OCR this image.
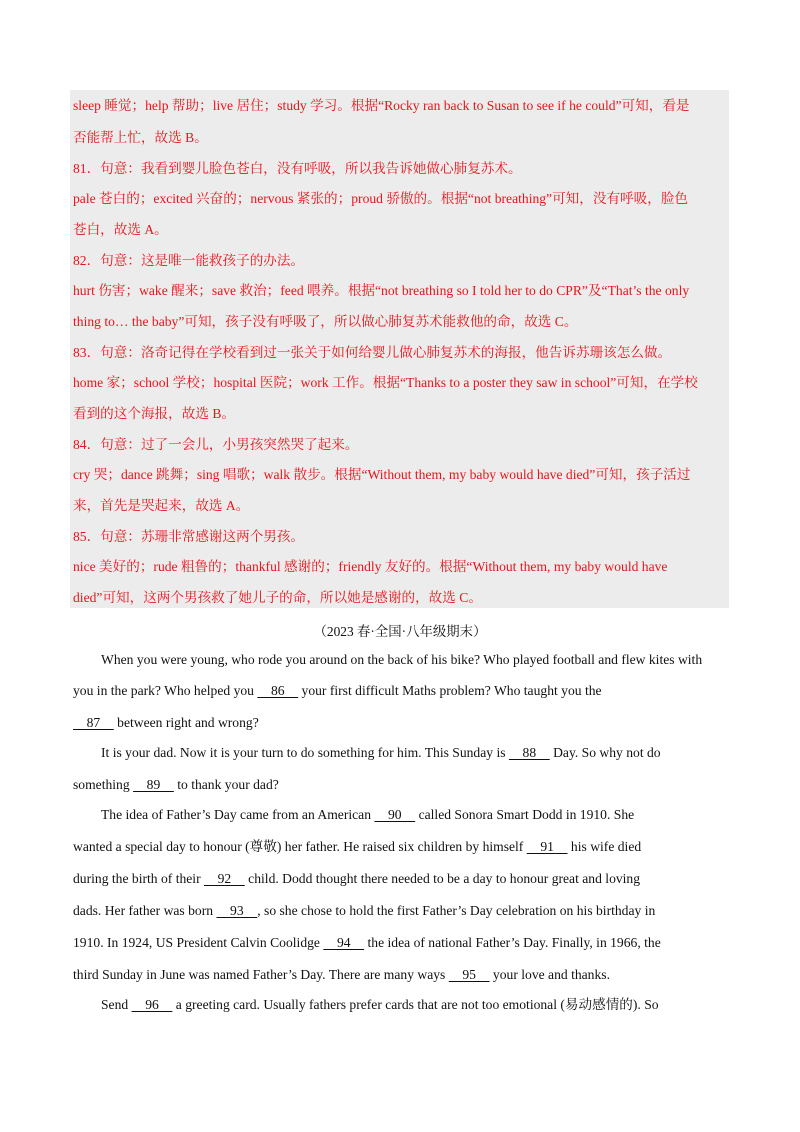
sleep 睡觉；help 帮助；live 居住；study 学习。根据“Rocky ran back to Susan to see if he could”可知，看是
否能帮上忙，故选 B。
81．句意：我看到婴儿脸色苍白，没有呼吸，所以我告诉她做心肺复苏术。
pale 苍白的；excited 兴奋的；nervous 紧张的；proud 骄傲的。根据“not breathing”可知，没有呼吸，脸色
苍白，故选 A。
82．句意：这是唯一能救孩子的办法。
hurt 伤害；wake 醒来；save 救治；feed 喂养。根据“not breathing so I told her to do CPR”及“That’s the only
thing to… the baby”可知，孩子没有呼吸了，所以做心肺复苏术能救他的命，故选 C。
83．句意：洛奇记得在学校看到过一张关于如何给婴儿做心肺复苏术的海报，他告诉苏珊该怎么做。
home 家；school 学校；hospital 医院；work 工作。根据“Thanks to a poster they saw in school”可知，在学校
看到的这个海报，故选 B。
84．句意：过了一会儿，小男孩突然哭了起来。
cry 哭；dance 跳舞；sing 唱歌；walk 散步。根据“Without them, my baby would have died”可知，孩子活过
来，首先是哭起来，故选 A。
85．句意：苏珊非常感谢这两个男孩。
nice 美好的；rude 粗鲁的；thankful 感谢的；friendly 友好的。根据“Without them, my baby would have
died”可知，这两个男孩救了她儿子的命，所以她是感谢的，故选 C。
（2023 春·全国·八年级期末）
When you were young, who rode you around on the back of his bike? Who played football and flew kites with
you in the park? Who helped you     86     your first difficult Maths problem? Who taught you the
87     between right and wrong?
It is your dad. Now it is your turn to do something for him. This Sunday is     88     Day. So why not do
something     89     to thank your dad?
The idea of Father’s Day came from an American     90     called Sonora Smart Dodd in 1910. She
wanted a special day to honour (尊敬) her father. He raised six children by himself     91     his wife died
during the birth of their     92     child. Dodd thought there needed to be a day to honour great and loving
dads. Her father was born     93    , so she chose to hold the first Father’s Day celebration on his birthday in
1910. In 1924, US President Calvin Coolidge     94     the idea of national Father’s Day. Finally, in 1966, the
third Sunday in June was named Father’s Day. There are many ways     95     your love and thanks.
Send     96     a greeting card. Usually fathers prefer cards that are not too emotional (易动感情的). So
